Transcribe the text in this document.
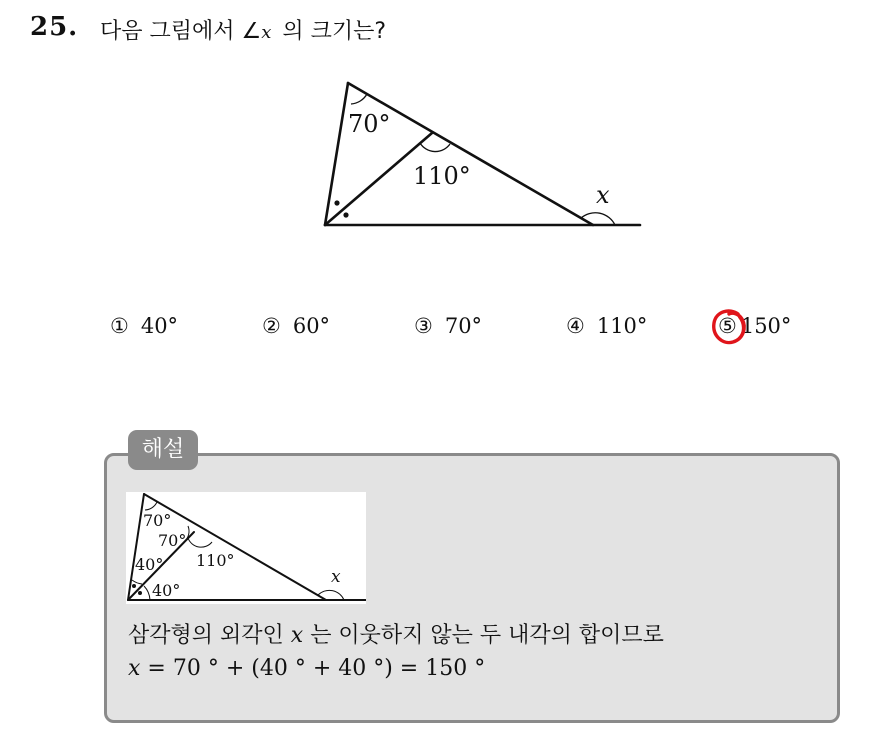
25. 다음 그림에서 ∠x 의 크기는?
70°
110°
x
① 40°	② 60°	③ 70°	④ 110°	⑤ 150°
해설
70°
70°
110°
40°
40°
x
삼각형의 외각인 x 는 이웃하지 않는 두 내각의 합이므로
x = 70 ° + (40 ° + 40 °) = 150 °
